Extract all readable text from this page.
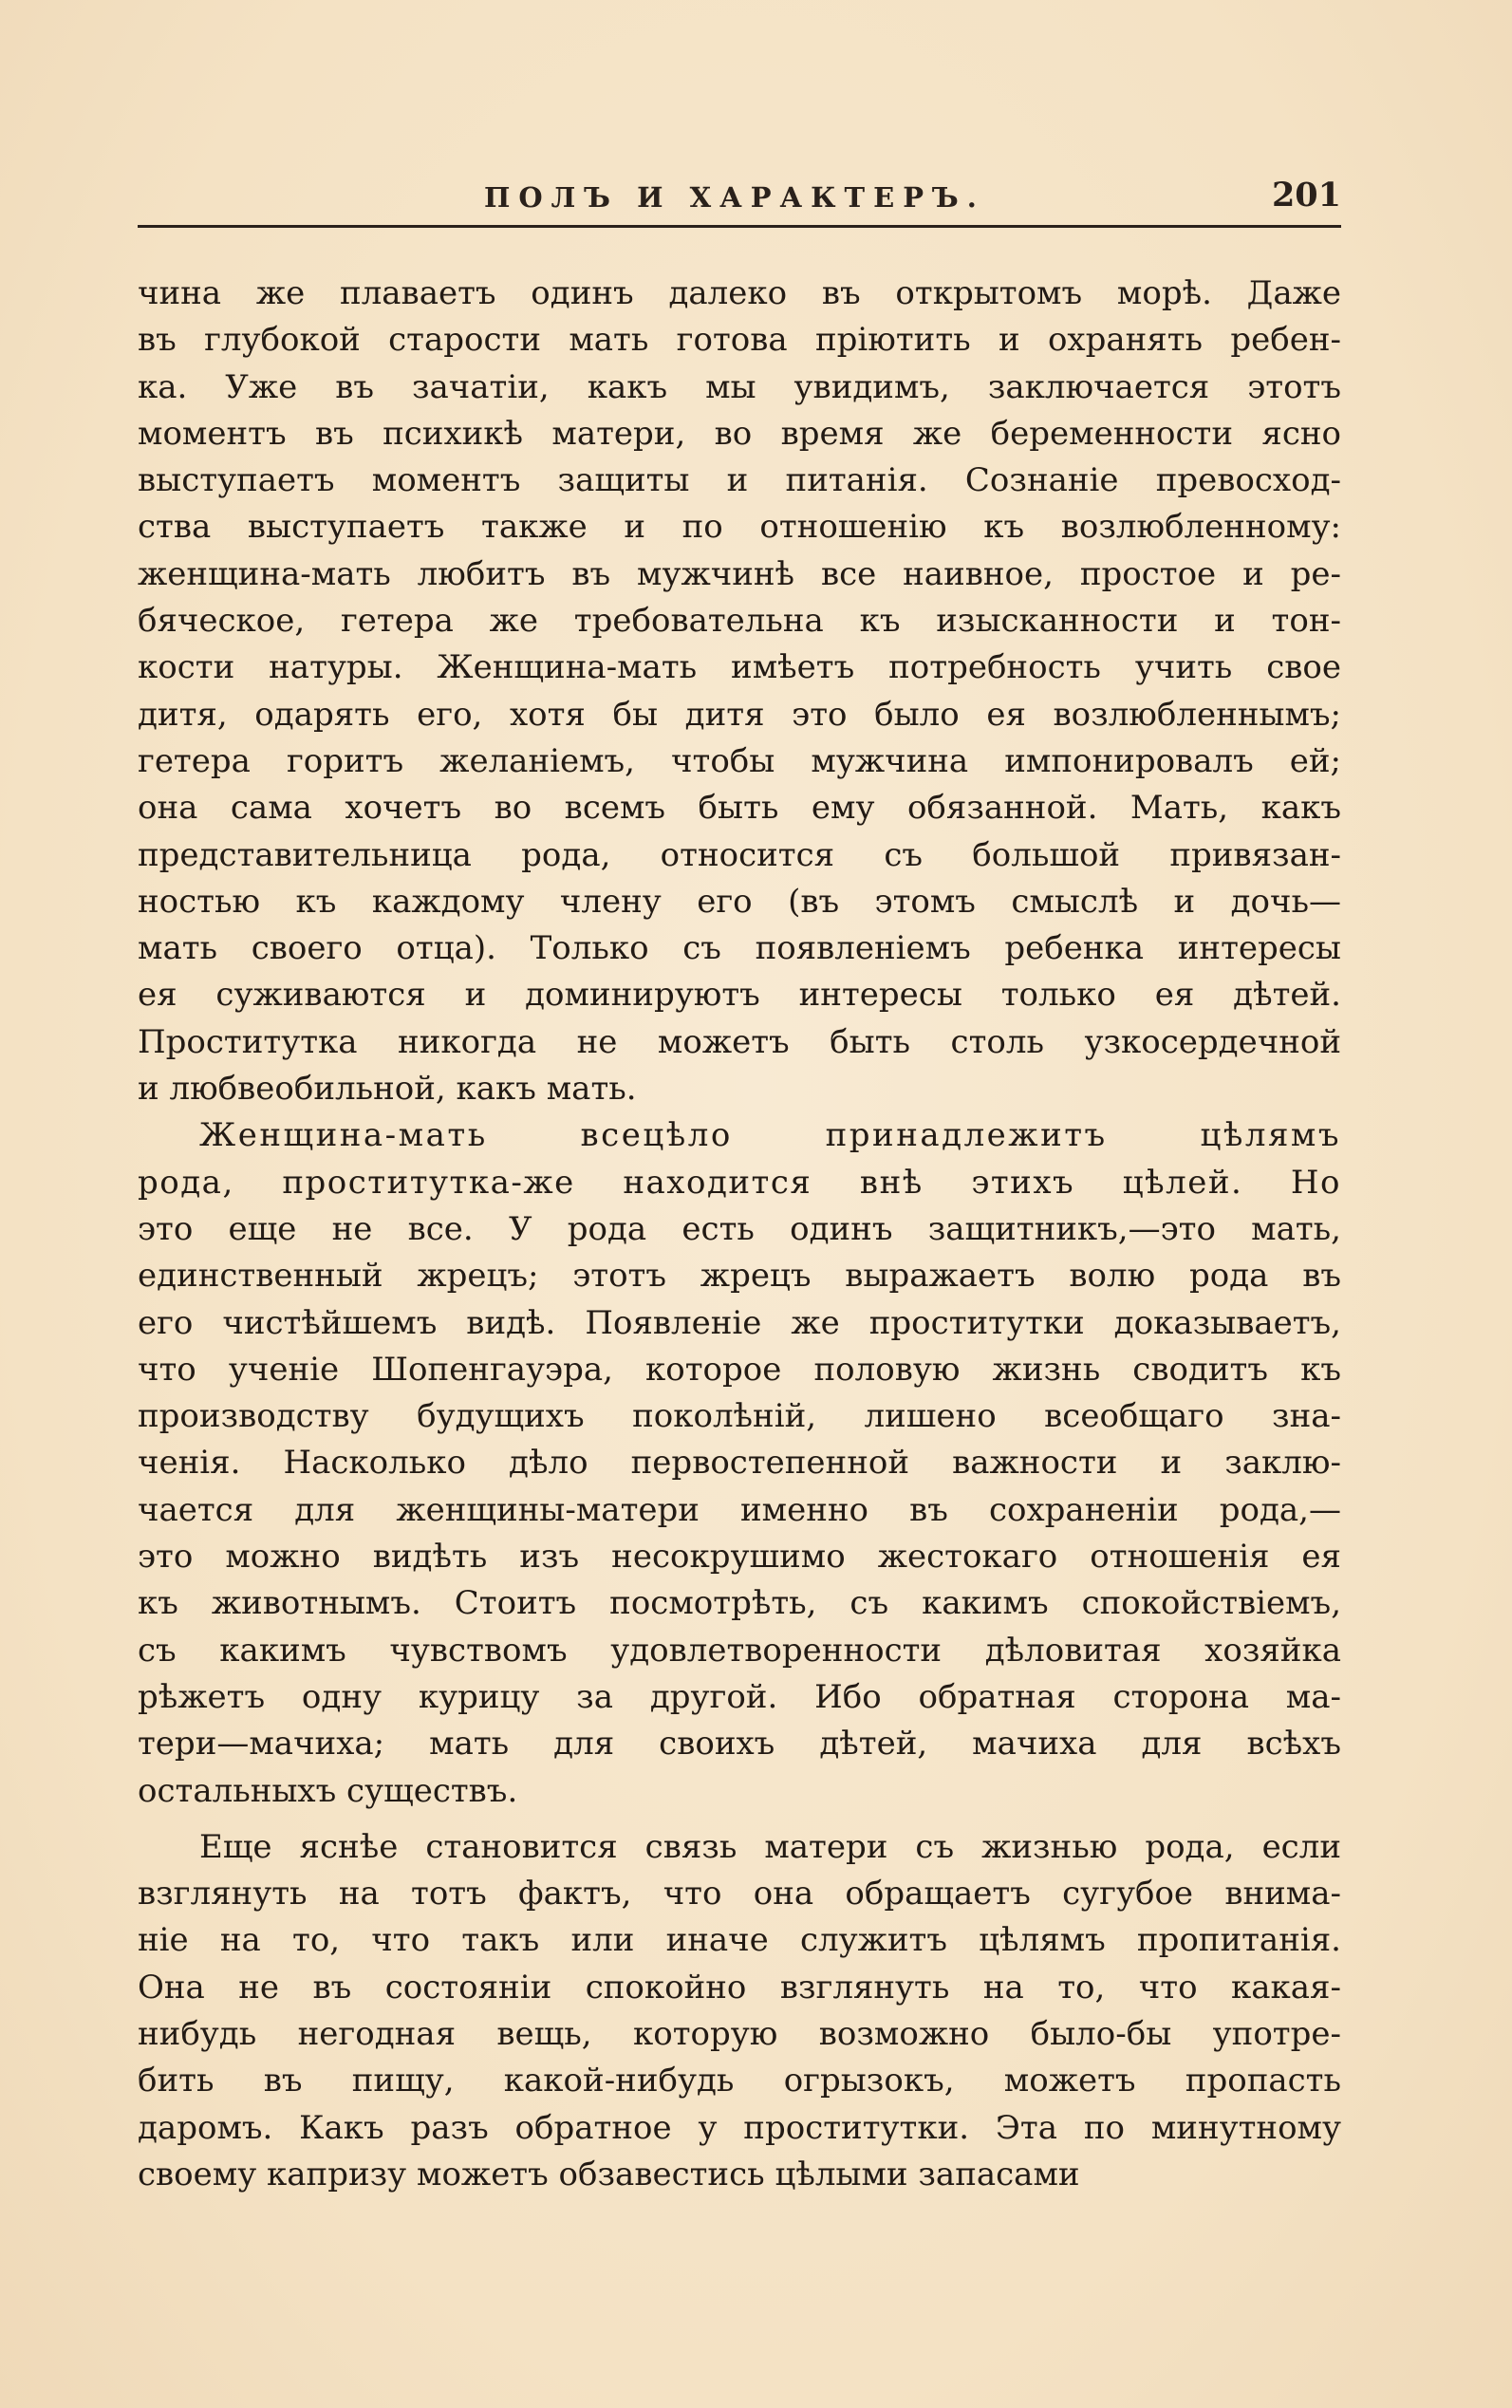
ПОЛЪ И ХАРАКТЕРЪ.	201
чина же плаваетъ одинъ далеко въ открытомъ морѣ. Даже
въ глубокой старости мать готова пріютить и охранять ребен-
ка. Уже въ зачатіи, какъ мы увидимъ, заключается этотъ
моментъ въ психикѣ матери, во время же беременности ясно
выступаетъ моментъ защиты и питанія. Сознаніе превосход-
ства выступаетъ также и по отношенію къ возлюбленному:
женщина-мать любитъ въ мужчинѣ все наивное, простое и ре-
бяческое, гетера же требовательна къ изысканности и тон-
кости натуры. Женщина-мать имѣетъ потребность учить свое
дитя, одарять его, хотя бы дитя это было ея возлюбленнымъ;
гетера горитъ желаніемъ, чтобы мужчина импонировалъ ей;
она сама хочетъ во всемъ быть ему обязанной. Мать, какъ
представительница рода, относится съ большой привязан-
ностью къ каждому члену его (въ этомъ смыслѣ и дочь—
мать своего отца). Только съ появленіемъ ребенка интересы
ея суживаются и доминируютъ интересы только ея дѣтей.
Проститутка никогда не можетъ быть столь узкосердечной
и любвеобильной, какъ мать.
Женщина-мать всецѣло принадлежитъ цѣлямъ
рода, проститутка-же находится внѣ этихъ цѣлей. Но
это еще не все. У рода есть одинъ защитникъ,—это мать,
единственный жрецъ; этотъ жрецъ выражаетъ волю рода въ
его чистѣйшемъ видѣ. Появленіе же проститутки доказываетъ,
что ученіе Шопенгауэра, которое половую жизнь сводитъ къ
производству будущихъ поколѣній, лишено всеобщаго зна-
ченія. Насколько дѣло первостепенной важности и заклю-
чается для женщины-матери именно въ сохраненіи рода,—
это можно видѣть изъ несокрушимо жестокаго отношенія ея
къ животнымъ. Стоитъ посмотрѣть, съ какимъ спокойствіемъ,
съ какимъ чувствомъ удовлетворенности дѣловитая хозяйка
рѣжетъ одну курицу за другой. Ибо обратная сторона ма-
тери—мачиха; мать для своихъ дѣтей, мачиха для всѣхъ
остальныхъ существъ.
Еще яснѣе становится связь матери съ жизнью рода, если
взглянуть на тотъ фактъ, что она обращаетъ сугубое внима-
ніе на то, что такъ или иначе служитъ цѣлямъ пропитанія.
Она не въ состояніи спокойно взглянуть на то, что какая-
нибудь негодная вещь, которую возможно было-бы употре-
бить въ пищу, какой-нибудь огрызокъ, можетъ пропасть
даромъ. Какъ разъ обратное у проститутки. Эта по минутному
своему капризу можетъ обзавестись цѣлыми запасами
